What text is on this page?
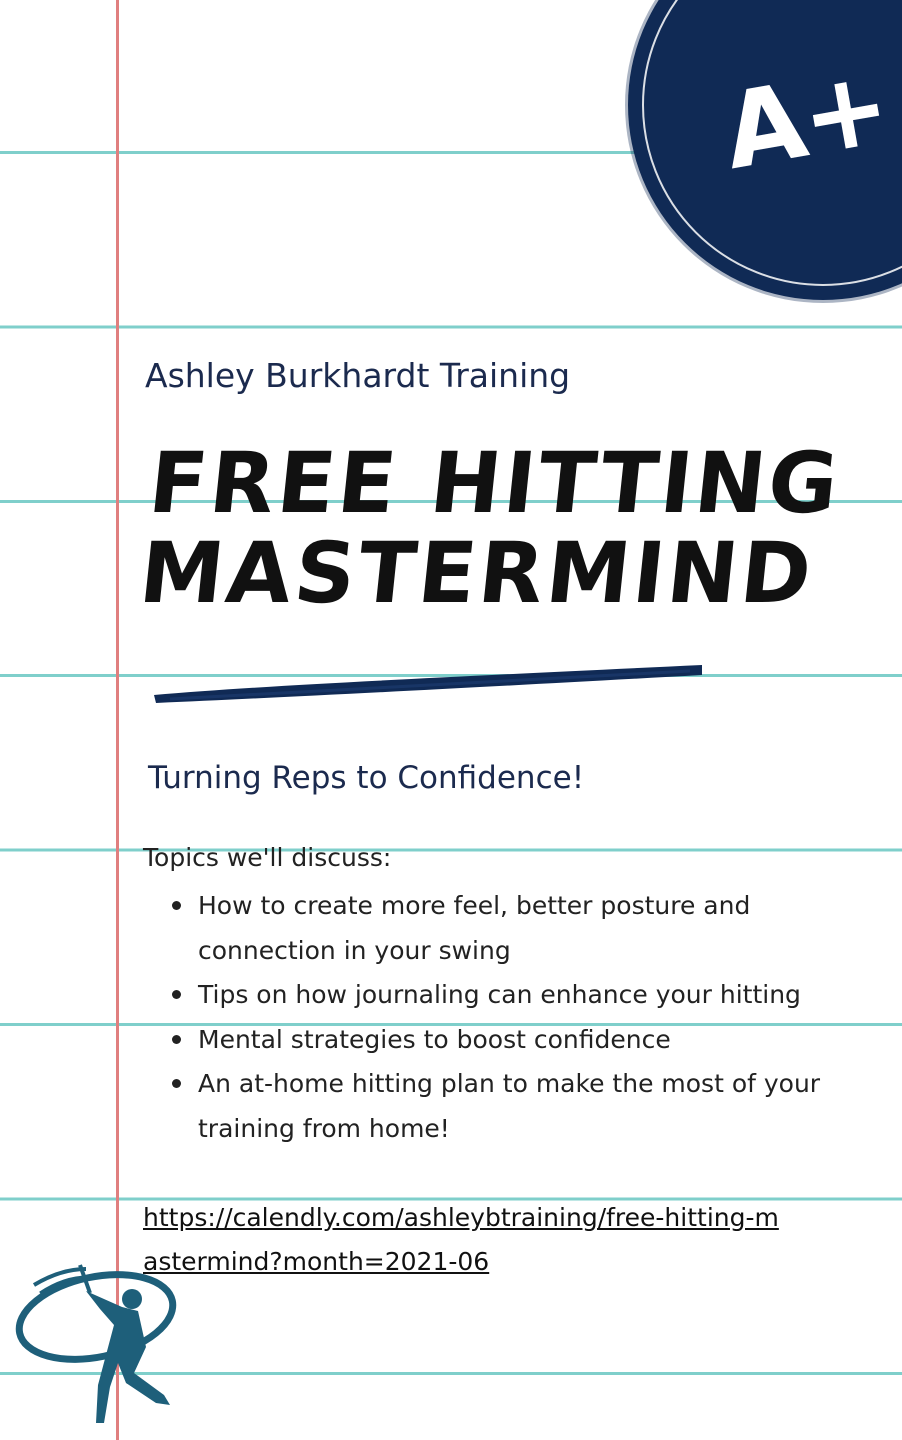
A+
Ashley Burkhardt Training
FREE HITTING
MASTERMIND
Turning Reps to Confidence!
Topics we'll discuss:
How to create more feel, better posture and connection in your swing
Tips on how journaling can enhance your hitting
Mental strategies to boost confidence
An at-home hitting plan to make the most of your training from home!
https://calendly.com/ashleybtraining/free-hitting-mastermind?month=2021-06
